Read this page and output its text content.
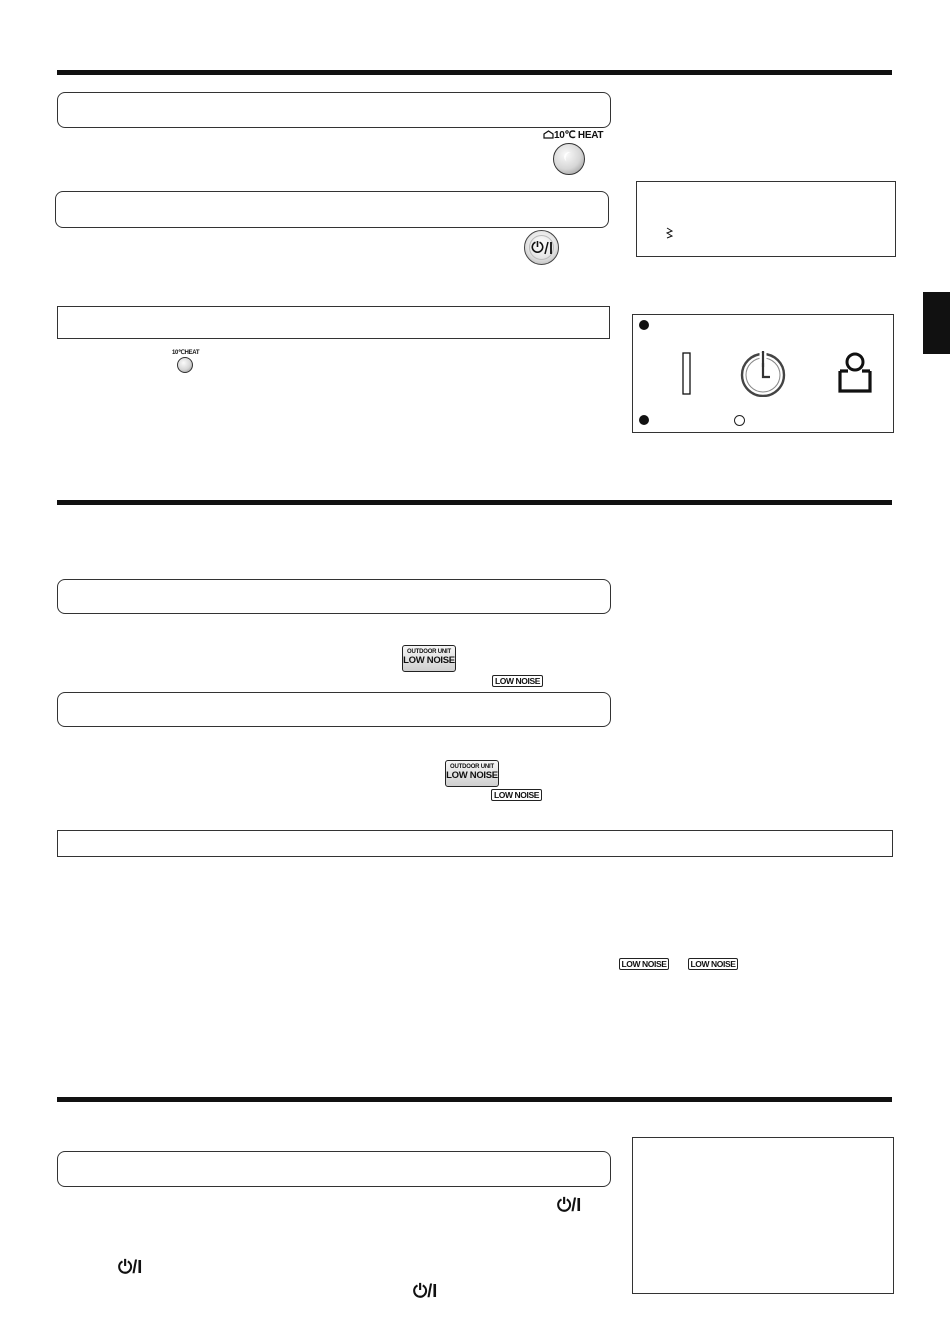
10℃ HEAT
10℃HEAT
OUTDOOR UNIT
LOW NOISE
LOW NOISE
OUTDOOR UNIT
LOW NOISE
LOW NOISE
LOW NOISE	LOW NOISE
⏻/I
⏻/I
⏻/I
